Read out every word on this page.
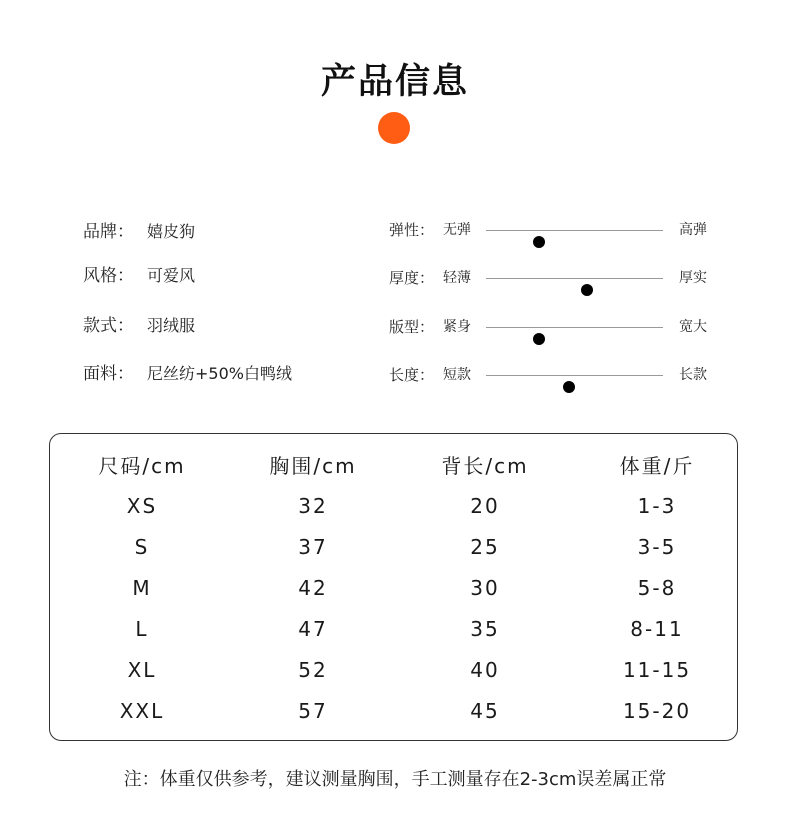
产品信息
品牌： 嬉皮狗
风格： 可爱风
款式： 羽绒服
面料： 尼丝纺+50%白鸭绒
弹性： 无弹	高弹
厚度： 轻薄	厚实
版型： 紧身	宽大
长度： 短款	长款
尺码/cm	胸围/cm	背长/cm	体重/斤
XS	32	20	1-3
S	37	25	3-5
M	42	30	5-8
L	47	35	8-11
XL	52	40	11-15
XXL	57	45	15-20
注：体重仅供参考，建议测量胸围，手工测量存在2-3cm误差属正常
